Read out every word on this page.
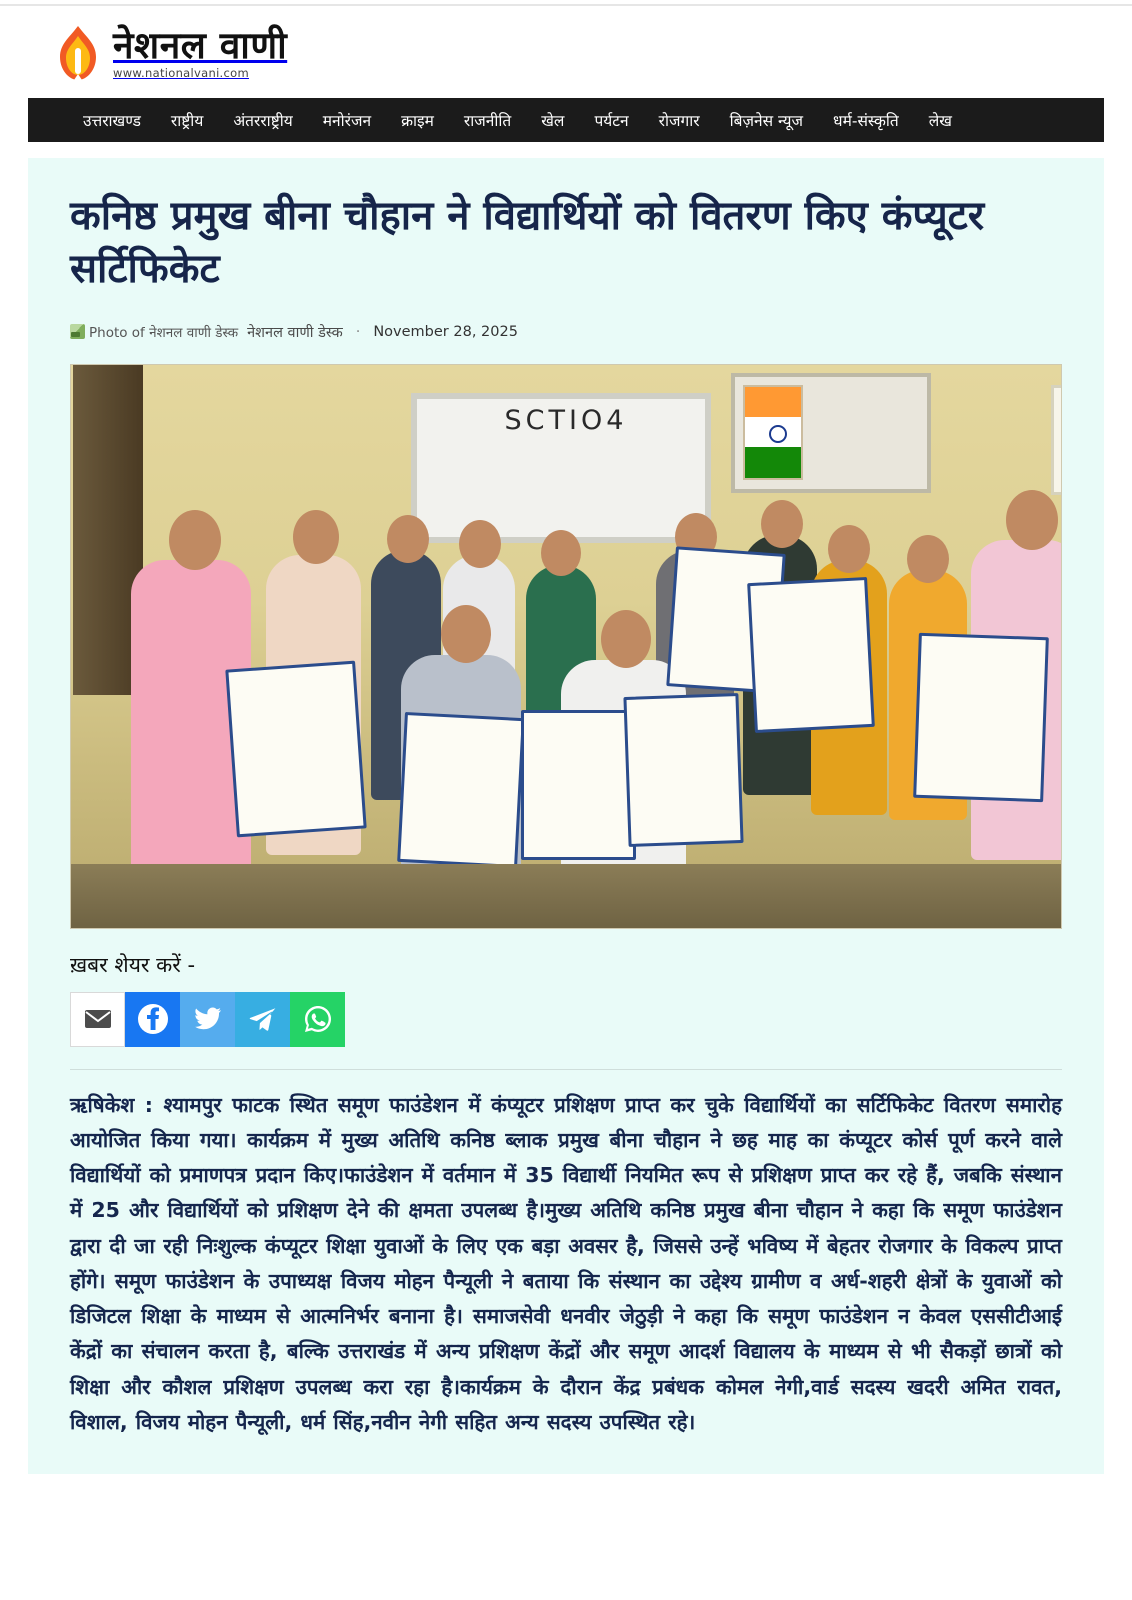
नेशनल वाणी
www.nationalvani.com
उत्तराखण्ड	राष्ट्रीय	अंतरराष्ट्रीय	मनोरंजन	क्राइम	राजनीति	खेल	पर्यटन	रोजगार	बिज़नेस न्यूज	धर्म-संस्कृति	लेख
कनिष्ठ प्रमुख बीना चौहान ने विद्यार्थियों को वितरण किए कंप्यूटर सर्टिफिकेट
Photo of नेशनल वाणी डेस्क नेशनल वाणी डेस्क · November 28, 2025
SCTIO4
ख़बर शेयर करें -
ऋषिकेश : श्यामपुर फाटक स्थित समूण फाउंडेशन में कंप्यूटर प्रशिक्षण प्राप्त कर चुके विद्यार्थियों का सर्टिफिकेट वितरण समारोह आयोजित किया गया। कार्यक्रम में मुख्य अतिथि कनिष्ठ ब्लाक प्रमुख बीना चौहान ने छह माह का कंप्यूटर कोर्स पूर्ण करने वाले विद्यार्थियों को प्रमाणपत्र प्रदान किए।फाउंडेशन में वर्तमान में 35 विद्यार्थी नियमित रूप से प्रशिक्षण प्राप्त कर रहे हैं, जबकि संस्थान में 25 और विद्यार्थियों को प्रशिक्षण देने की क्षमता उपलब्ध है।मुख्य अतिथि कनिष्ठ प्रमुख बीना चौहान ने कहा कि समूण फाउंडेशन द्वारा दी जा रही निःशुल्क कंप्यूटर शिक्षा युवाओं के लिए एक बड़ा अवसर है, जिससे उन्हें भविष्य में बेहतर रोजगार के विकल्प प्राप्त होंगे। समूण फाउंडेशन के उपाध्यक्ष विजय मोहन पैन्यूली ने बताया कि संस्थान का उद्देश्य ग्रामीण व अर्ध-शहरी क्षेत्रों के युवाओं को डिजिटल शिक्षा के माध्यम से आत्मनिर्भर बनाना है। समाजसेवी धनवीर जेठुड़ी ने कहा कि समूण फाउंडेशन न केवल एससीटीआई केंद्रों का संचालन करता है, बल्कि उत्तराखंड में अन्य प्रशिक्षण केंद्रों और समूण आदर्श विद्यालय के माध्यम से भी सैकड़ों छात्रों को शिक्षा और कौशल प्रशिक्षण उपलब्ध करा रहा है।कार्यक्रम के दौरान केंद्र प्रबंधक कोमल नेगी,वार्ड सदस्य खदरी अमित रावत, विशाल, विजय मोहन पैन्यूली, धर्म सिंह,नवीन नेगी सहित अन्य सदस्य उपस्थित रहे।
